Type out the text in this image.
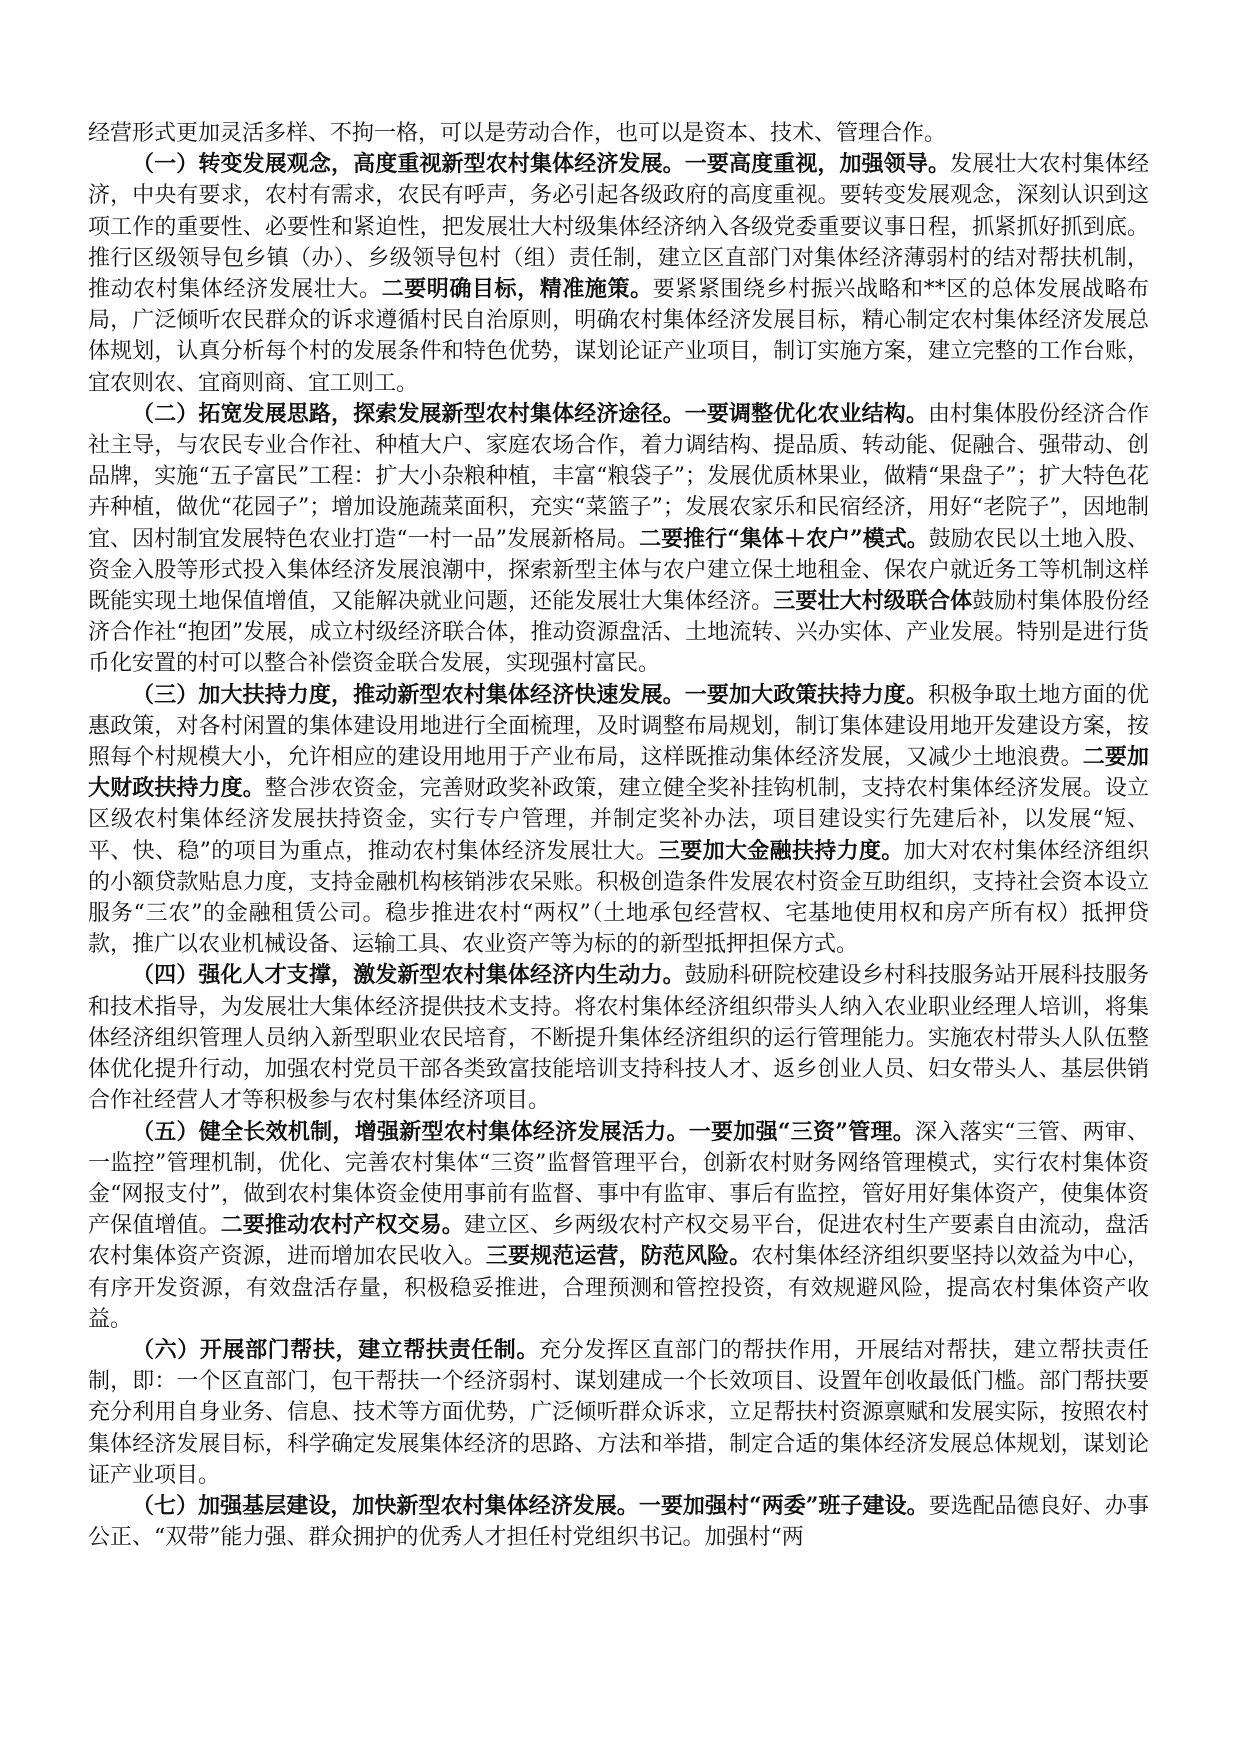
经营形式更加灵活多样、不拘一格，可以是劳动合作，也可以是资本、技术、管理合作。

（一）转变发展观念，高度重视新型农村集体经济发展。一要高度重视，加强领导。发展壮大农村集体经济，中央有要求，农村有需求，农民有呼声，务必引起各级政府的高度重视。要转变发展观念，深刻认识到这项工作的重要性、必要性和紧迫性，把发展壮大村级集体经济纳入各级党委重要议事日程，抓紧抓好抓到底。推行区级领导包乡镇（办）、乡级领导包村（组）责任制，建立区直部门对集体经济薄弱村的结对帮扶机制，推动农村集体经济发展壮大。二要明确目标，精准施策。要紧紧围绕乡村振兴战略和**区的总体发展战略布局，广泛倾听农民群众的诉求遵循村民自治原则，明确农村集体经济发展目标，精心制定农村集体经济发展总体规划，认真分析每个村的发展条件和特色优势，谋划论证产业项目，制订实施方案，建立完整的工作台账，宜农则农、宜商则商、宜工则工。

（二）拓宽发展思路，探索发展新型农村集体经济途径。一要调整优化农业结构。由村集体股份经济合作社主导，与农民专业合作社、种植大户、家庭农场合作，着力调结构、提品质、转动能、促融合、强带动、创品牌，实施“五子富民”工程：扩大小杂粮种植，丰富“粮袋子”；发展优质林果业，做精“果盘子”；扩大特色花卉种植，做优“花园子”；增加设施蔬菜面积，充实“菜篮子”；发展农家乐和民宿经济，用好“老院子”，因地制宜、因村制宜发展特色农业打造“一村一品”发展新格局。二要推行“集体＋农户”模式。鼓励农民以土地入股、资金入股等形式投入集体经济发展浪潮中，探索新型主体与农户建立保土地租金、保农户就近务工等机制这样既能实现土地保值增值，又能解决就业问题，还能发展壮大集体经济。三要壮大村级联合体鼓励村集体股份经济合作社“抱团”发展，成立村级经济联合体，推动资源盘活、土地流转、兴办实体、产业发展。特别是进行货币化安置的村可以整合补偿资金联合发展，实现强村富民。

（三）加大扶持力度，推动新型农村集体经济快速发展。一要加大政策扶持力度。积极争取土地方面的优惠政策，对各村闲置的集体建设用地进行全面梳理，及时调整布局规划，制订集体建设用地开发建设方案，按照每个村规模大小，允许相应的建设用地用于产业布局，这样既推动集体经济发展，又减少土地浪费。二要加大财政扶持力度。整合涉农资金，完善财政奖补政策，建立健全奖补挂钩机制，支持农村集体经济发展。设立区级农村集体经济发展扶持资金，实行专户管理，并制定奖补办法，项目建设实行先建后补，以发展“短、平、快、稳”的项目为重点，推动农村集体经济发展壮大。三要加大金融扶持力度。加大对农村集体经济组织的小额贷款贴息力度，支持金融机构核销涉农呆账。积极创造条件发展农村资金互助组织，支持社会资本设立服务“三农”的金融租赁公司。稳步推进农村“两权”（土地承包经营权、宅基地使用权和房产所有权）抵押贷款，推广以农业机械设备、运输工具、农业资产等为标的的新型抵押担保方式。

（四）强化人才支撑，激发新型农村集体经济内生动力。鼓励科研院校建设乡村科技服务站开展科技服务和技术指导，为发展壮大集体经济提供技术支持。将农村集体经济组织带头人纳入农业职业经理人培训，将集体经济组织管理人员纳入新型职业农民培育，不断提升集体经济组织的运行管理能力。实施农村带头人队伍整体优化提升行动，加强农村党员干部各类致富技能培训支持科技人才、返乡创业人员、妇女带头人、基层供销合作社经营人才等积极参与农村集体经济项目。

（五）健全长效机制，增强新型农村集体经济发展活力。一要加强“三资”管理。深入落实“三管、两审、一监控”管理机制，优化、完善农村集体“三资”监督管理平台，创新农村财务网络管理模式，实行农村集体资金“网报支付”，做到农村集体资金使用事前有监督、事中有监审、事后有监控，管好用好集体资产，使集体资产保值增值。二要推动农村产权交易。建立区、乡两级农村产权交易平台，促进农村生产要素自由流动，盘活农村集体资产资源，进而增加农民收入。三要规范运营，防范风险。农村集体经济组织要坚持以效益为中心，有序开发资源，有效盘活存量，积极稳妥推进，合理预测和管控投资，有效规避风险，提高农村集体资产收益。

（六）开展部门帮扶，建立帮扶责任制。充分发挥区直部门的帮扶作用，开展结对帮扶，建立帮扶责任制，即：一个区直部门，包干帮扶一个经济弱村、谋划建成一个长效项目、设置年创收最低门槛。部门帮扶要充分利用自身业务、信息、技术等方面优势，广泛倾听群众诉求，立足帮扶村资源禀赋和发展实际，按照农村集体经济发展目标，科学确定发展集体经济的思路、方法和举措，制定合适的集体经济发展总体规划，谋划论证产业项目。

（七）加强基层建设，加快新型农村集体经济发展。一要加强村“两委”班子建设。要选配品德良好、办事公正、“双带”能力强、群众拥护的优秀人才担任村党组织书记。加强村“两
